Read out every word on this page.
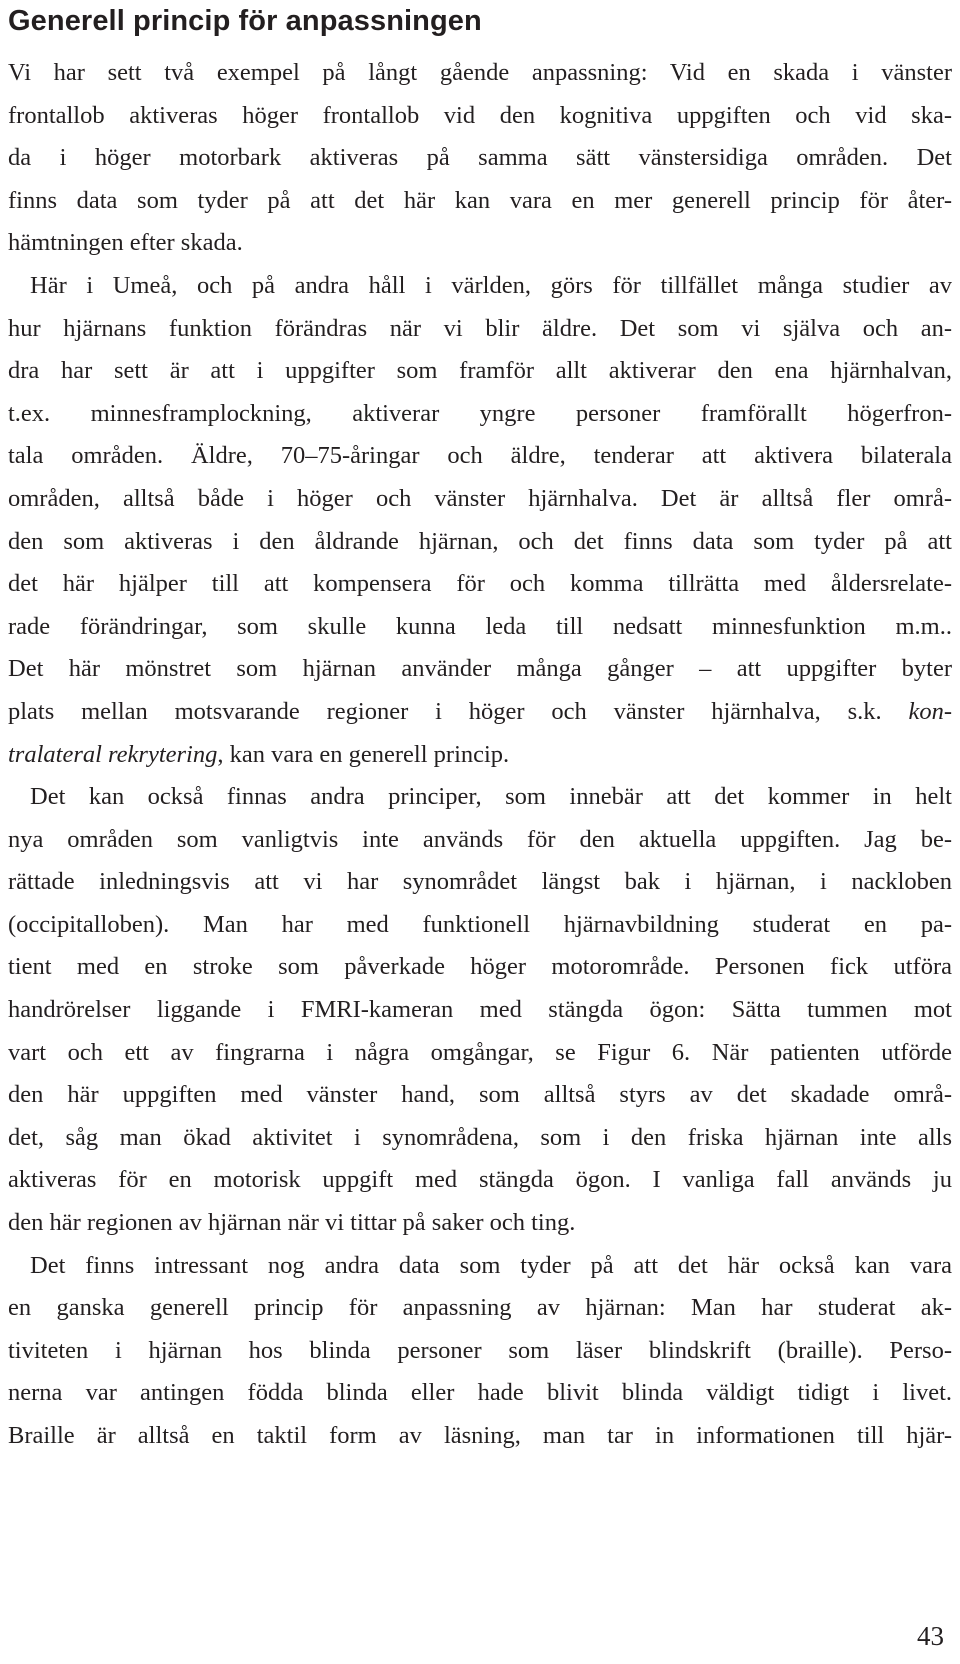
Generell princip för anpassningen

Vi har sett två exempel på långt gående anpassning: Vid en skada i vänster
frontallob aktiveras höger frontallob vid den kognitiva uppgiften och vid ska-
da i höger motorbark aktiveras på samma sätt vänstersidiga områden. Det
finns data som tyder på att det här kan vara en mer generell princip för åter-
hämtningen efter skada.

Här i Umeå, och på andra håll i världen, görs för tillfället många studier av
hur hjärnans funktion förändras när vi blir äldre. Det som vi själva och an-
dra har sett är att i uppgifter som framför allt aktiverar den ena hjärnhalvan,
t.ex. minnesframplockning, aktiverar yngre personer framförallt högerfron-
tala områden. Äldre, 70–75-åringar och äldre, tenderar att aktivera bilaterala
områden, alltså både i höger och vänster hjärnhalva. Det är alltså fler områ-
den som aktiveras i den åldrande hjärnan, och det finns data som tyder på att
det här hjälper till att kompensera för och komma tillrätta med åldersrelate-
rade förändringar, som skulle kunna leda till nedsatt minnesfunktion m.m..
Det här mönstret som hjärnan använder många gånger – att uppgifter byter
plats mellan motsvarande regioner i höger och vänster hjärnhalva, s.k. kon-
tralateral rekrytering, kan vara en generell princip.

Det kan också finnas andra principer, som innebär att det kommer in helt
nya områden som vanligtvis inte används för den aktuella uppgiften. Jag be-
rättade inledningsvis att vi har synområdet längst bak i hjärnan, i nackloben
(occipitalloben). Man har med funktionell hjärnavbildning studerat en pa-
tient med en stroke som påverkade höger motorområde. Personen fick utföra
handrörelser liggande i FMRI-kameran med stängda ögon: Sätta tummen mot
vart och ett av fingrarna i några omgångar, se Figur 6. När patienten utförde
den här uppgiften med vänster hand, som alltså styrs av det skadade områ-
det, såg man ökad aktivitet i synområdena, som i den friska hjärnan inte alls
aktiveras för en motorisk uppgift med stängda ögon. I vanliga fall används ju
den här regionen av hjärnan när vi tittar på saker och ting.

Det finns intressant nog andra data som tyder på att det här också kan vara
en ganska generell princip för anpassning av hjärnan: Man har studerat ak-
tiviteten i hjärnan hos blinda personer som läser blindskrift (braille). Perso-
nerna var antingen födda blinda eller hade blivit blinda väldigt tidigt i livet.
Braille är alltså en taktil form av läsning, man tar in informationen till hjär-

43
